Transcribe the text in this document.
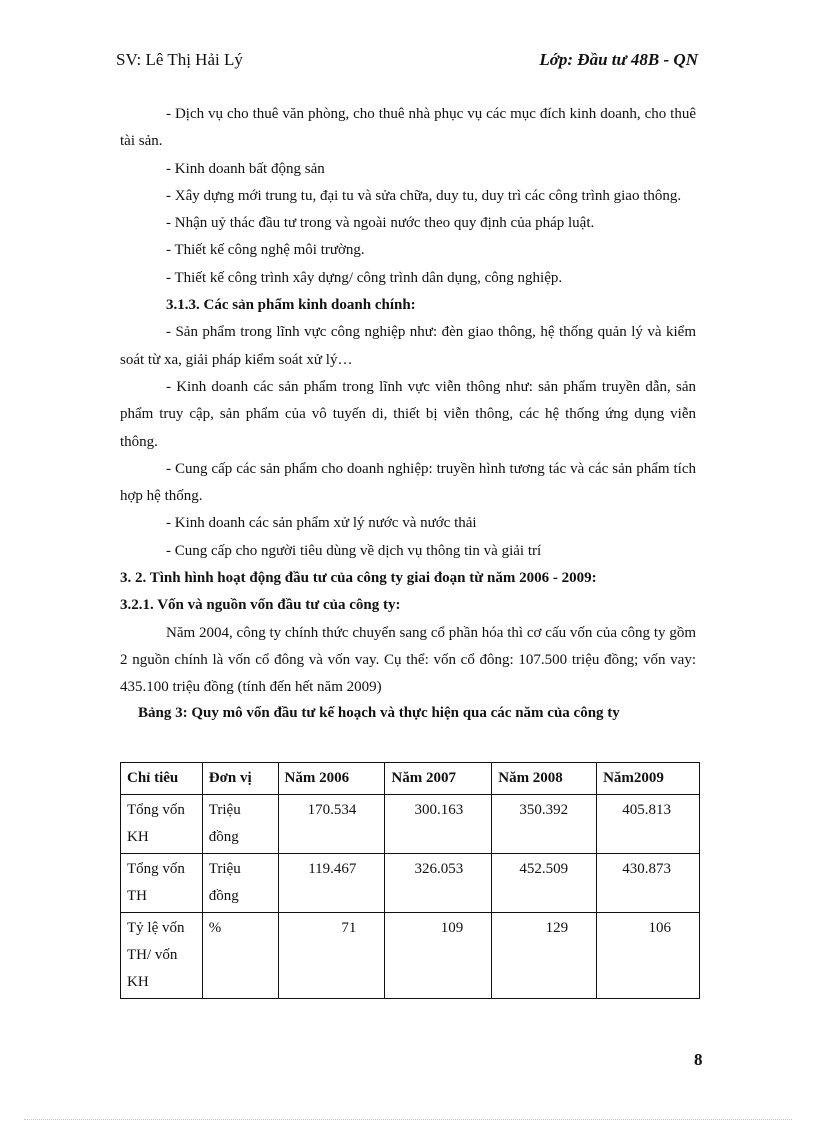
SV: Lê Thị Hải Lý	Lớp: Đầu tư 48B - QN

- Dịch vụ cho thuê văn phòng, cho thuê nhà phục vụ các mục đích kinh doanh, cho thuê tài sản.

- Kinh doanh bất động sản

- Xây dựng mới trung tu, đại tu và sửa chữa, duy tu, duy trì các công trình giao thông.

- Nhận uỷ thác đầu tư trong và ngoài nước theo quy định của pháp luật.

- Thiết kế công nghệ môi trường.

- Thiết kế công trình xây dựng/ công trình dân dụng, công nghiệp.

3.1.3. Các sản phẩm kinh doanh chính:

- Sản phẩm trong lĩnh vực công nghiệp như: đèn giao thông, hệ thống quản lý và kiểm soát từ xa, giải pháp kiểm soát xử lý…

- Kinh doanh các sản phẩm trong lĩnh vực viễn thông như: sản phẩm truyền dẫn, sản phẩm truy cập, sản phẩm của vô tuyến di, thiết bị viễn thông, các hệ thống ứng dụng viễn thông.

- Cung cấp các sản phẩm cho doanh nghiệp: truyền hình tương tác và các sản phẩm tích hợp hệ thống.

- Kinh doanh các sản phẩm xử lý nước và nước thải

- Cung cấp cho người tiêu dùng về dịch vụ thông tin và giải trí

3. 2. Tình hình hoạt động đầu tư của công ty giai đoạn từ năm 2006 - 2009:

3.2.1. Vốn và nguồn vốn đầu tư của công ty:

Năm 2004, công ty chính thức chuyển sang cổ phần hóa thì cơ cấu vốn của công ty gồm 2 nguồn chính là vốn cổ đông và vốn vay. Cụ thể: vốn cổ đông: 107.500 triệu đồng; vốn vay: 435.100 triệu đồng (tính đến hết năm 2009)

Bảng 3: Quy mô vốn đầu tư kế hoạch và thực hiện qua các năm của công ty

Chỉ tiêu	Đơn vị	Năm 2006	Năm 2007	Năm 2008	Năm2009
Tổng vốn KH	Triệu đồng	170.534	300.163	350.392	405.813
Tổng vốn TH	Triệu đồng	119.467	326.053	452.509	430.873
Tỷ lệ vốn TH/ vốn KH	%	71	109	129	106
8
